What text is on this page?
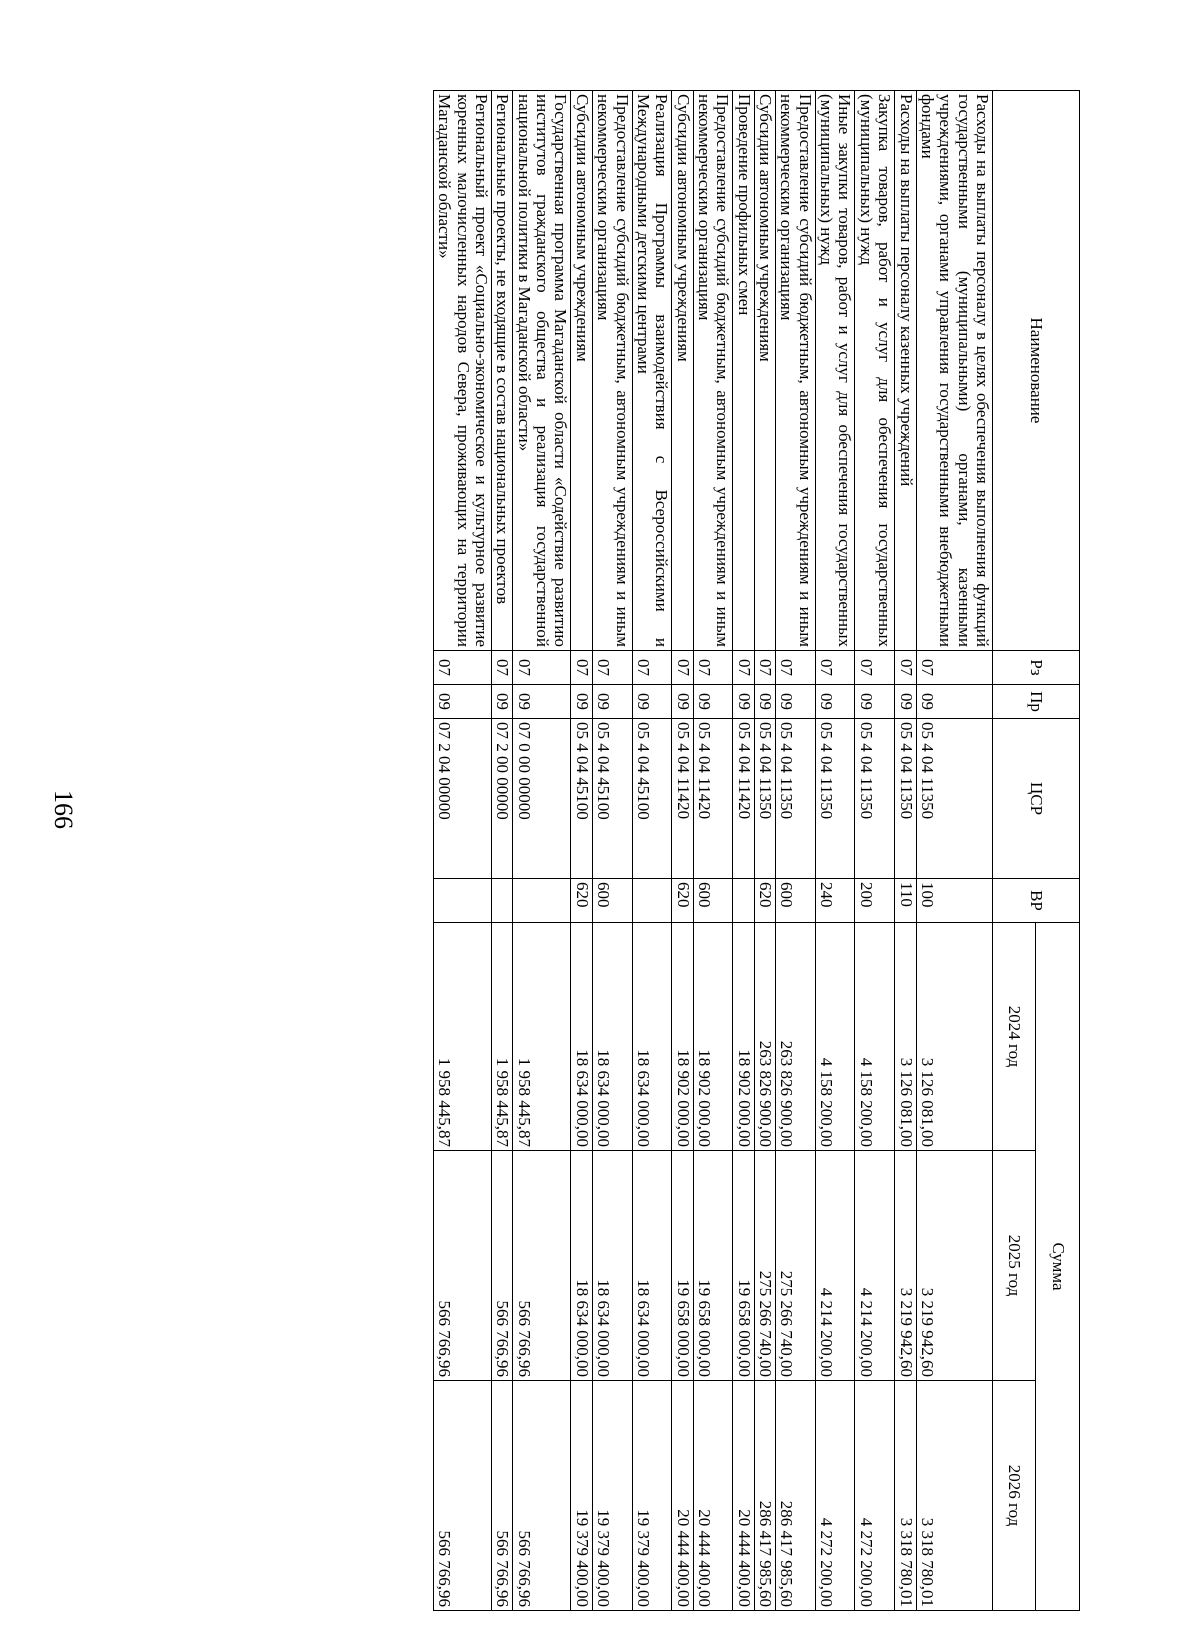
166
Наименование	Рз	Пр	ЦСР	ВР	Сумма		
					2024 год	2025 год	2026 год
Расходы на выплаты персоналу в целях обеспечения выполнения функций государственными (муниципальными) органами, казенными учреждениями, органами управления государственными внебюджетными фондами	07	09	05 4 04 11350	100	3 126 081,00	3 219 942,60	3 318 780,01
Расходы на выплаты персоналу казенных учреждений	07	09	05 4 04 11350	110	3 126 081,00	3 219 942,60	3 318 780,01
Закупка товаров, работ и услуг для обеспечения государственных (муниципальных) нужд	07	09	05 4 04 11350	200	4 158 200,00	4 214 200,00	4 272 200,00
Иные закупки товаров, работ и услуг для обеспечения государственных (муниципальных) нужд	07	09	05 4 04 11350	240	4 158 200,00	4 214 200,00	4 272 200,00
Предоставление субсидий бюджетным, автономным учреждениям и иным некоммерческим организациям	07	09	05 4 04 11350	600	263 826 900,00	275 266 740,00	286 417 985,60
Субсидии автономным учреждениям	07	09	05 4 04 11350	620	263 826 900,00	275 266 740,00	286 417 985,60
Проведение профильных смен	07	09	05 4 04 11420		18 902 000,00	19 658 000,00	20 444 400,00
Предоставление субсидий бюджетным, автономным учреждениям и иным некоммерческим организациям	07	09	05 4 04 11420	600	18 902 000,00	19 658 000,00	20 444 400,00
Субсидии автономным учреждениям	07	09	05 4 04 11420	620	18 902 000,00	19 658 000,00	20 444 400,00
Реализация Программы взаимодействия с Всероссийскими и Международными детскими центрами	07	09	05 4 04 45100		18 634 000,00	18 634 000,00	19 379 400,00
Предоставление субсидий бюджетным, автономным учреждениям и иным некоммерческим организациям	07	09	05 4 04 45100	600	18 634 000,00	18 634 000,00	19 379 400,00
Субсидии автономным учреждениям	07	09	05 4 04 45100	620	18 634 000,00	18 634 000,00	19 379 400,00
Государственная программа Магаданской области «Содействие развитию институтов гражданского общества и реализация государственной национальной политики в Магаданской области»	07	09	07 0 00 00000		1 958 445,87	566 766,96	566 766,96
Региональные проекты, не входящие в состав национальных проектов	07	09	07 2 00 00000		1 958 445,87	566 766,96	566 766,96
Региональный проект «Социально-экономическое и культурное развитие коренных малочисленных народов Севера, проживающих на территории Магаданской области»	07	09	07 2 04 00000		1 958 445,87	566 766,96	566 766,96
